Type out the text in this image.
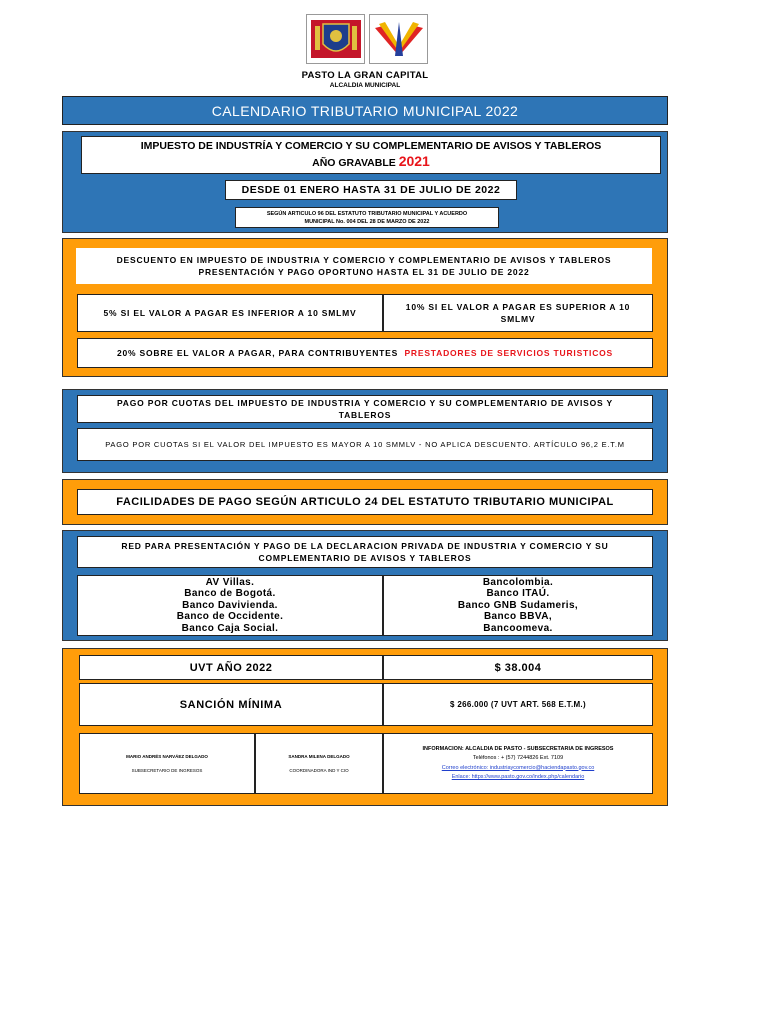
PASTO LA GRAN CAPITAL
ALCALDIA MUNICIPAL
CALENDARIO TRIBUTARIO MUNICIPAL 2022
IMPUESTO DE INDUSTRÍA Y COMERCIO Y SU COMPLEMENTARIO DE AVISOS Y TABLEROS
AÑO GRAVABLE 2021
DESDE 01 ENERO HASTA 31 DE JULIO DE 2022
SEGÚN ARTICULO 96 DEL ESTATUTO TRIBUTARIO MUNICIPAL Y ACUERDO
MUNICIPAL No. 004 DEL 28 DE MARZO DE 2022
DESCUENTO EN IMPUESTO DE INDUSTRIA Y COMERCIO Y COMPLEMENTARIO DE AVISOS Y TABLEROS
PRESENTACIÓN Y PAGO OPORTUNO HASTA EL 31 DE JULIO DE 2022
5% SI EL VALOR A PAGAR ES INFERIOR A 10 SMLMV
10% SI EL VALOR A PAGAR ES SUPERIOR A 10 SMLMV
20% SOBRE EL VALOR A PAGAR, PARA CONTRIBUYENTES
PRESTADORES DE SERVICIOS TURISTICOS
PAGO POR CUOTAS DEL IMPUESTO DE INDUSTRIA Y COMERCIO Y SU COMPLEMENTARIO DE AVISOS Y TABLEROS
PAGO POR CUOTAS SI EL VALOR DEL IMPUESTO ES MAYOR A 10 SMMLV - NO APLICA DESCUENTO. ARTÍCULO 96,2 E.T.M
FACILIDADES DE PAGO SEGÚN ARTICULO 24 DEL ESTATUTO TRIBUTARIO MUNICIPAL
RED PARA PRESENTACIÓN Y PAGO DE LA DECLARACION PRIVADA DE INDUSTRIA Y COMERCIO Y SU
COMPLEMENTARIO DE AVISOS Y TABLEROS
AV Villas.
Banco de Bogotá.
Banco Daviviendа.
Banco de Occidente.
Banco Caja Social.
Bancolombia.
Banco ITAÚ.
Banco GNB Sudameris,
Banco BBVA,
Bancoomeva.
UVT AÑO 2022	$ 38.004
SANCIÓN MÍNIMA	$ 266.000 (7 UVT ART. 568 E.T.M.)
MARIO ANDRÉS NARVÁEZ DELGADO
SUBSECRETARIO DE INGRESOS
SANDRA MILENA DELGADO
COORDINADORA IND Y CIO
INFORMACION: ALCALDIA DE PASTO - SUBSECRETARIA DE INGRESOS
Teléfonos : + (57) 7244826 Ext. 7109
Correo electrónico: industriaycomercio@haciendapasto.gov.co
Enlace: https://www.pasto.gov.co/index.php/calendario
